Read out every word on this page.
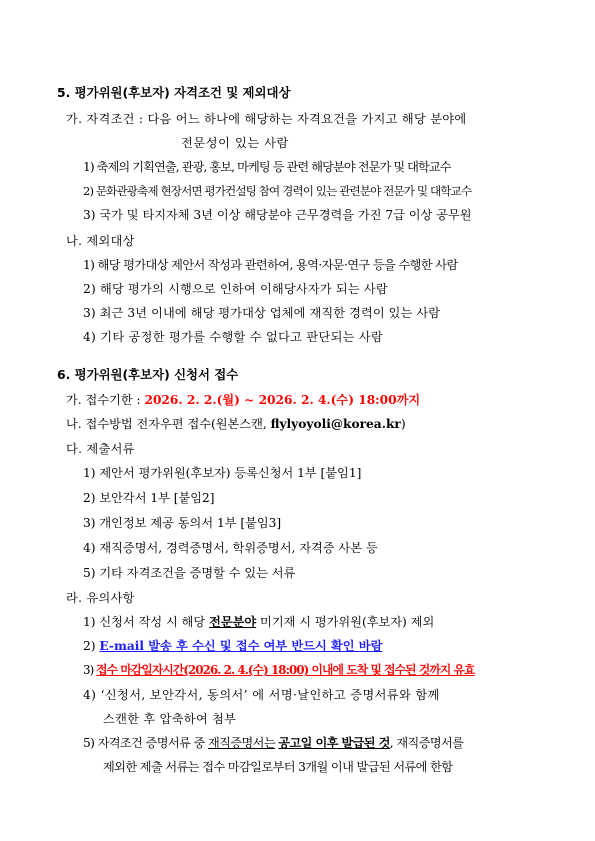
5. 평가위원(후보자) 자격조건 및 제외대상
가. 자격조건 : 다음 어느 하나에 해당하는 자격요건을 가지고 해당 분야에
전문성이 있는 사람
1) 축제의 기획연출, 관광, 홍보, 마케팅 등 관련 해당분야 전문가 및 대학교수
2) 문화관광축제 현장서면 평가컨설팅 참여 경력이 있는 관련분야 전문가 및 대학교수
3) 국가 및 타지자체 3년 이상 해당분야 근무경력을 가진 7급 이상 공무원
나. 제외대상
1) 해당 평가대상 제안서 작성과 관련하여, 용역·자문·연구 등을 수행한 사람
2) 해당 평가의 시행으로 인하여 이해당사자가 되는 사람
3) 최근 3년 이내에 해당 평가대상 업체에 재직한 경력이 있는 사람
4) 기타 공정한 평가를 수행할 수 없다고 판단되는 사람
6. 평가위원(후보자) 신청서 접수
가. 접수기한 : 2026. 2. 2.(월) ~ 2026. 2. 4.(수) 18:00까지
나. 접수방법 전자우편 접수(원본스캔, flylyoyoli@korea.kr)
다. 제출서류
1) 제안서 평가위원(후보자) 등록신청서 1부 [붙임1]
2) 보안각서 1부 [붙임2]
3) 개인정보 제공 동의서 1부 [붙임3]
4) 재직증명서, 경력증명서, 학위증명서, 자격증 사본 등
5) 기타 자격조건을 증명할 수 있는 서류
라. 유의사항
1) 신청서 작성 시 해당 전문분야 미기재 시 평가위원(후보자) 제외
2) E-mail 발송 후 수신 및 접수 여부 반드시 확인 바람
3) 접수 마감일자시간(2026. 2. 4.(수) 18:00) 이내에 도착 및 접수된 것까지 유효
4) ‘신청서, 보안각서, 동의서’ 에 서명·날인하고 증명서류와 함께
스캔한 후 압축하여 첨부
5) 자격조건 증명서류 중 재직증명서는 공고일 이후 발급된 것, 재직증명서를
제외한 제출 서류는 접수 마감일로부터 3개월 이내 발급된 서류에 한함
